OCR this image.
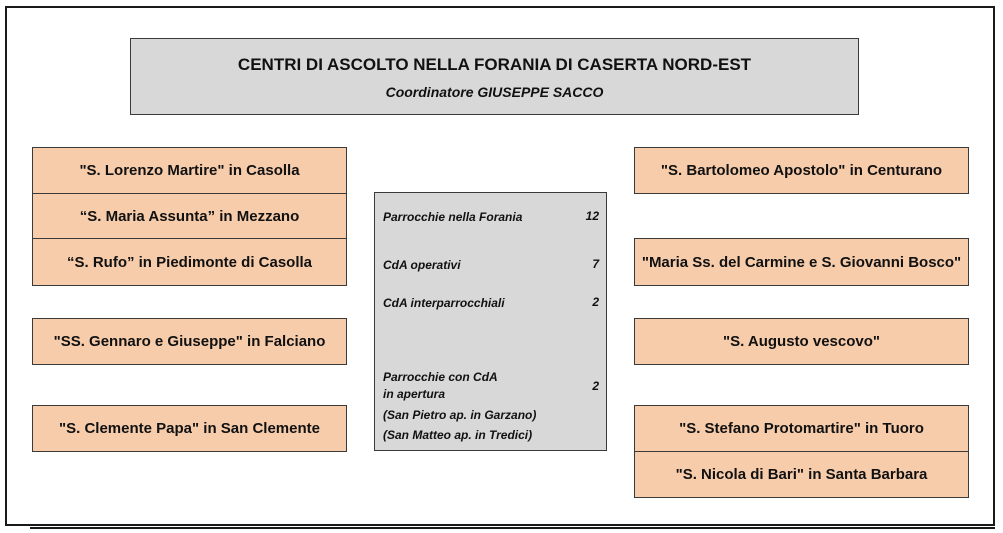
CENTRI DI ASCOLTO NELLA FORANIA DI CASERTA NORD-EST
Coordinatore GIUSEPPE SACCO
"S. Lorenzo Martire" in Casolla
“S. Maria Assunta” in Mezzano
“S. Rufo” in Piedimonte di Casolla
"SS. Gennaro e Giuseppe" in Falciano
"S. Clemente Papa" in San Clemente
"S. Bartolomeo Apostolo" in Centurano
"Maria Ss. del Carmine e S. Giovanni Bosco"
"S. Augusto vescovo"
"S. Stefano Protomartire" in Tuoro
"S. Nicola di Bari" in Santa Barbara
Parrocchie nella Forania	12
CdA operativi	7
CdA interparrocchiali	2
Parrocchie con CdA
in apertura
2
(San Pietro ap. in Garzano)
(San Matteo ap. in Tredici)
